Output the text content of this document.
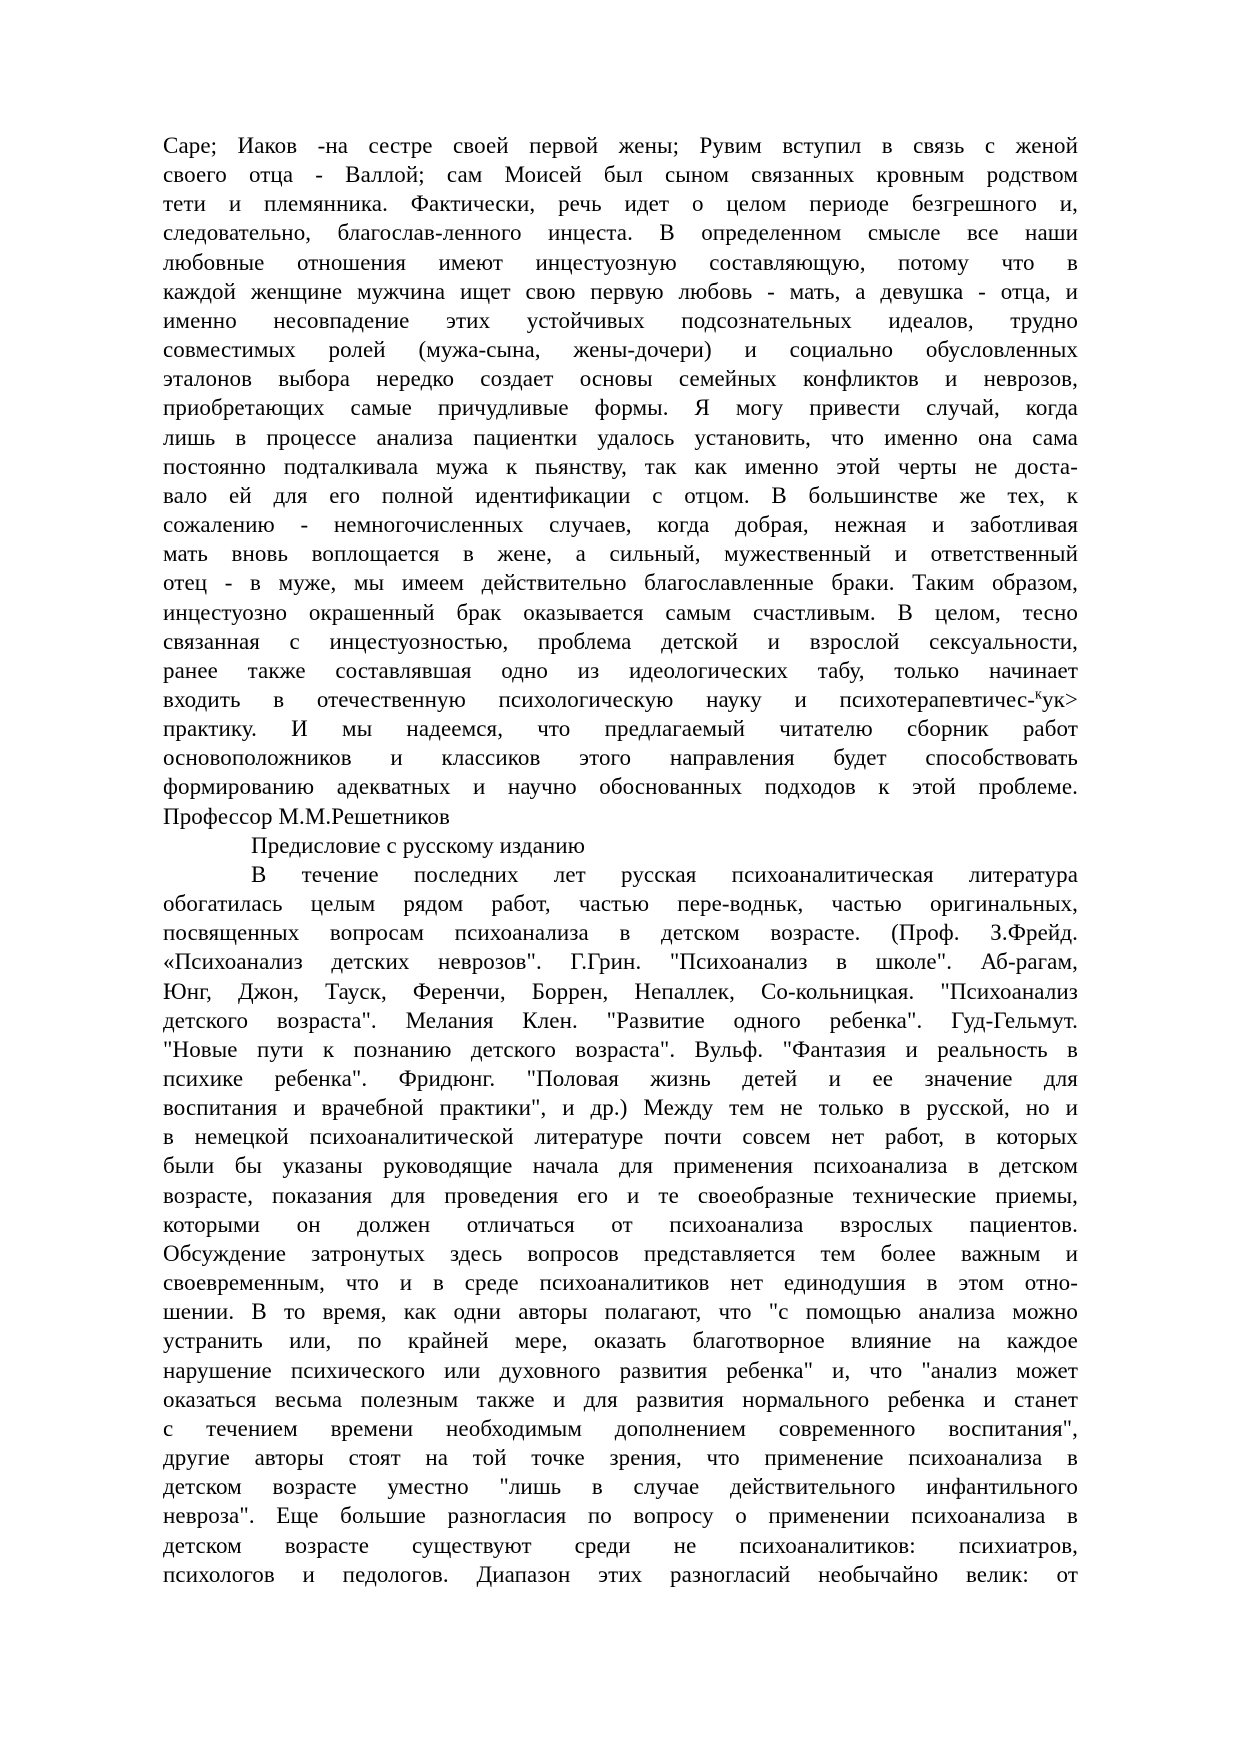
Саре; Иаков -на сестре своей первой жены; Рувим вступил в связь с женой
своего отца - Валлой; сам Моисей был сыном связанных кровным родством
тети и племянника. Фактически, речь идет о целом периоде безгрешного и,
следовательно, благослав-ленного инцеста. В определенном смысле все наши
любовные отношения имеют инцестуозную составляющую, потому что в
каждой женщине мужчина ищет свою первую любовь - мать, а девушка - отца, и
именно несовпадение этих устойчивых подсознательных идеалов, трудно
совместимых ролей (мужа-сына, жены-дочери) и социально обусловленных
эталонов выбора нередко создает основы семейных конфликтов и неврозов,
приобретающих самые причудливые формы. Я могу привести случай, когда
лишь в процессе анализа пациентки удалось установить, что именно она сама
постоянно подталкивала мужа к пьянству, так как именно этой черты не доста-
вало ей для его полной идентификации с отцом. В большинстве же тех, к
сожалению - немногочисленных случаев, когда добрая, нежная и заботливая
мать вновь воплощается в жене, а сильный, мужественный и ответственный
отец - в муже, мы имеем действительно благославленные браки. Таким образом,
инцестуозно окрашенный брак оказывается самым счастливым. В целом, тесно
связанная с инцестуозностью, проблема детской и взрослой сексуальности,
ранее также составлявшая одно из идеологических табу, только начинает
входить в отечественную психологическую науку и психотерапевтичес-$^к$ук>
практику. И мы надеемся, что предлагаемый читателю сборник работ
основоположников и классиков этого направления будет способствовать
формированию адекватных и научно обоснованных подходов к этой проблеме.
Профессор М.М.Решетников
Предисловие с русскому изданию
В течение последних лет русская психоаналитическая литература
обогатилась целым рядом работ, частью пере-водньк, частью оригинальных,
посвященных вопросам психоанализа в детском возрасте. (Проф. З.Фрейд.
«Психоанализ детских неврозов". Г.Грин. "Психоанализ в школе". Аб-рагам,
Юнг, Джон, Тауск, Ференчи, Боррен, Непаллек, Со-кольницкая. "Психоанализ
детского возраста". Мелания Клен. "Развитие одного ребенка". Гуд-Гельмут.
"Новые пути к познанию детского возраста". Вульф. "Фантазия и реальность в
психике ребенка". Фридюнг. "Половая жизнь детей и ее значение для
воспитания и врачебной практики", и др.) Между тем не только в русской, но и
в немецкой психоаналитической литературе почти совсем нет работ, в которых
были бы указаны руководящие начала для применения психоанализа в детском
возрасте, показания для проведения его и те своеобразные технические приемы,
которыми он должен отличаться от психоанализа взрослых пациентов.
Обсуждение затронутых здесь вопросов представляется тем более важным и
своевременным, что и в среде психоаналитиков нет единодушия в этом отно-
шении. В то время, как одни авторы полагают, что "с помощью анализа можно
устранить или, по крайней мере, оказать благотворное влияние на каждое
нарушение психического или духовного развития ребенка" и, что "анализ может
оказаться весьма полезным также и для развития нормального ребенка и станет
с течением времени необходимым дополнением современного воспитания",
другие авторы стоят на той точке зрения, что применение психоанализа в
детском возрасте уместно "лишь в случае действительного инфантильного
невроза". Еще большие разногласия по вопросу о применении психоанализа в
детском возрасте существуют среди не психоаналитиков: психиатров,
психологов и педологов. Диапазон этих разногласий необычайно велик: от
